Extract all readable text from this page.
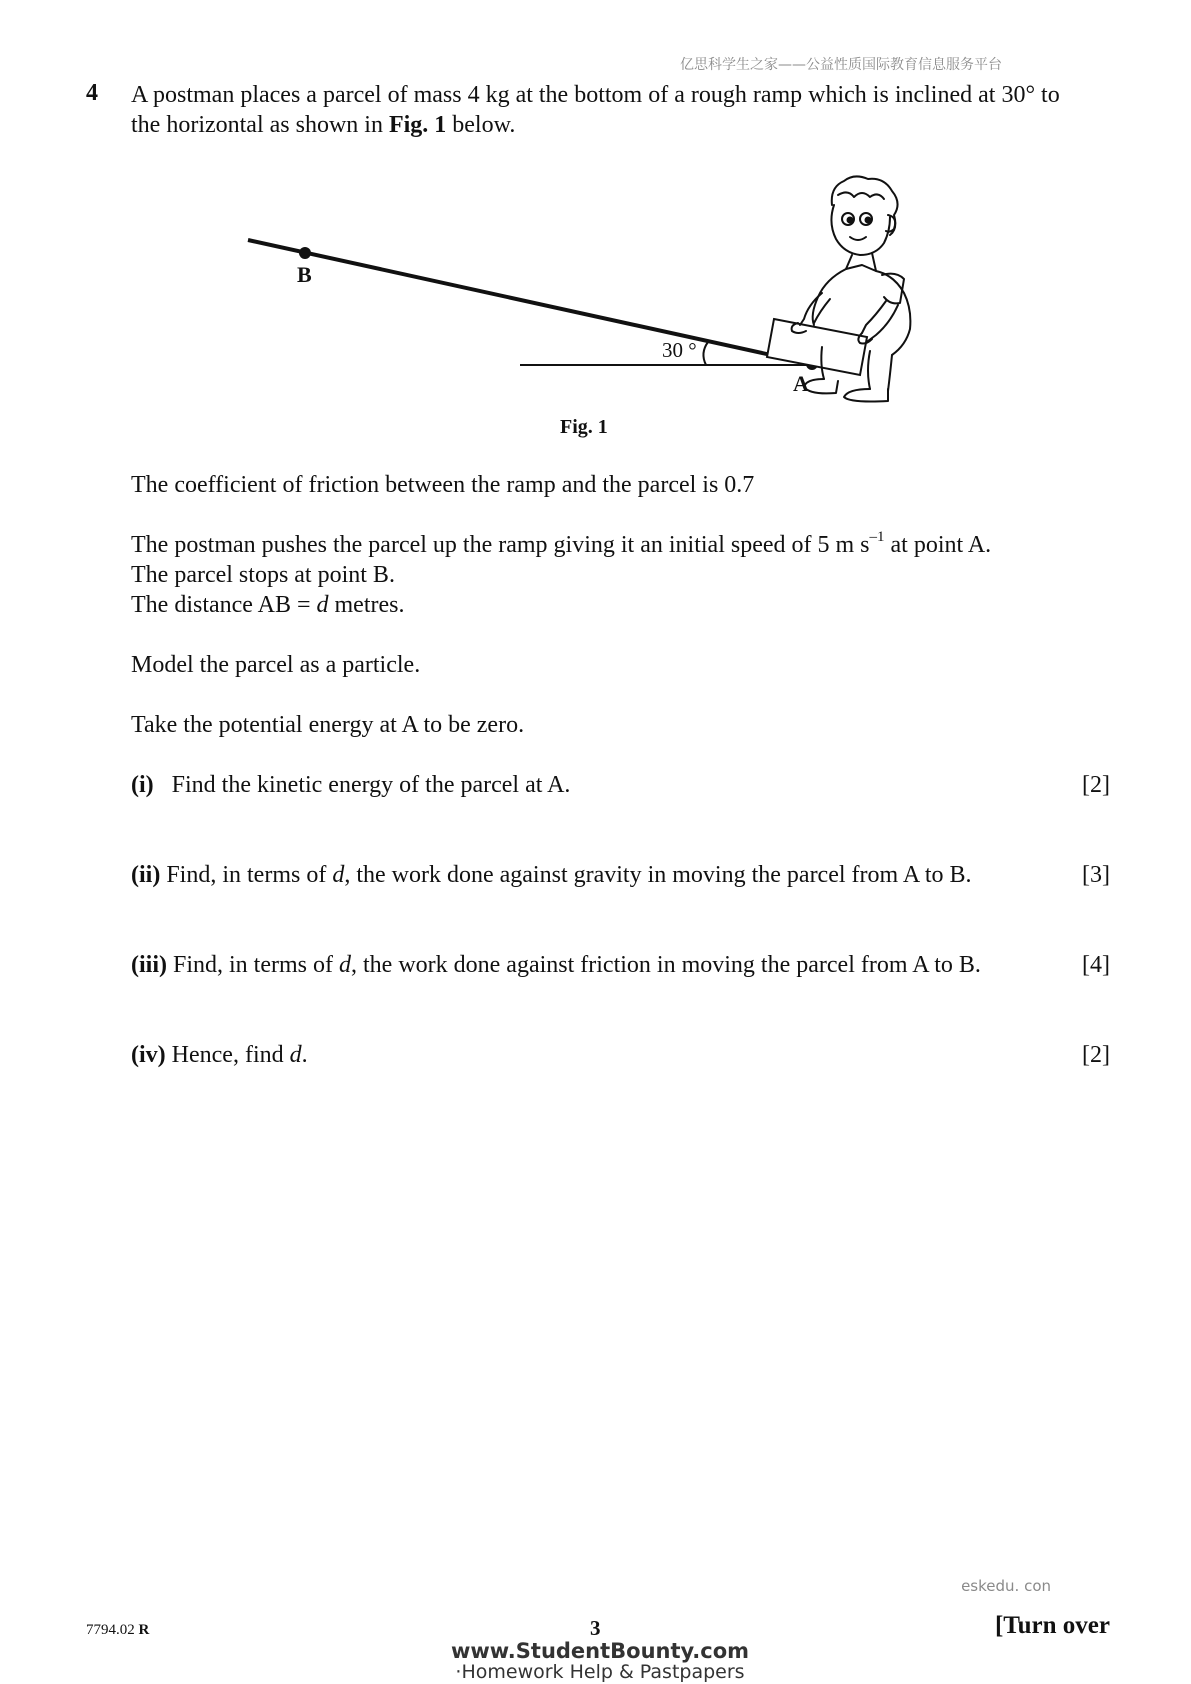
亿思科学生之家——公益性质国际教育信息服务平台
4 A postman places a parcel of mass 4 kg at the bottom of a rough ramp which is inclined at 30° to the horizontal as shown in Fig. 1 below.
B
A
30 °
Fig. 1
The coefficient of friction between the ramp and the parcel is 0.7
The postman pushes the parcel up the ramp giving it an initial speed of 5 m $s^{-1}$ at point A.
The parcel stops at point B.
The distance AB = d metres.
Model the parcel as a particle.
Take the potential energy at A to be zero.
(i) Find the kinetic energy of the parcel at A.	[2]
(ii) Find, in terms of d, the work done against gravity in moving the parcel from A to B.	[3]
(iii) Find, in terms of d, the work done against friction in moving the parcel from A to B.	[4]
(iv) Hence, find d.	[2]
eskedu. con
7794.02 R	3	[Turn over
www.StudentBounty.com
·Homework Help & Pastpapers
